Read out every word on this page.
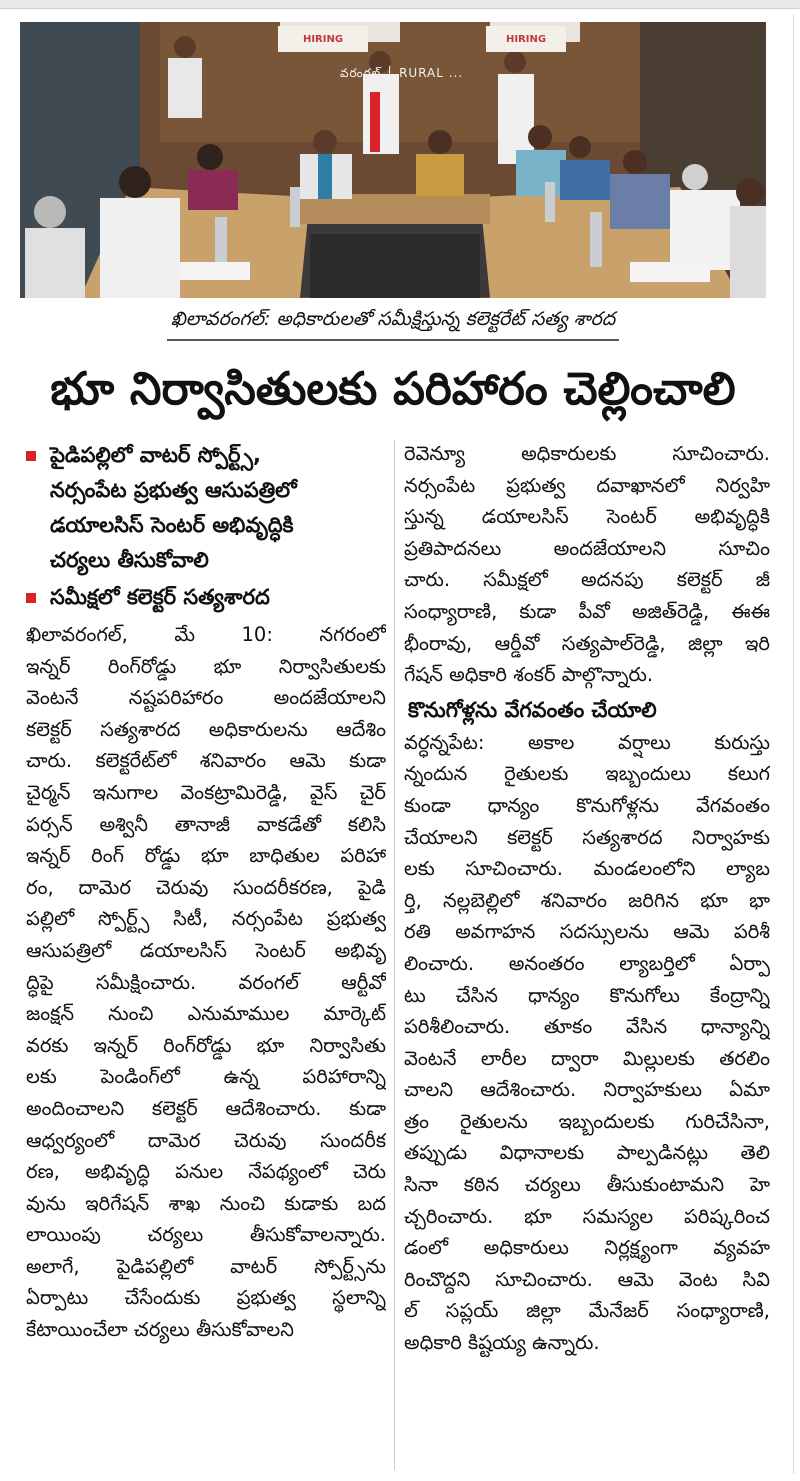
HIRING	HIRING
వరంగల్ │ RURAL ...
ఖిలావరంగల్: అధికారులతో సమీక్షిస్తున్న కలెక్టరేట్ సత్య శారద
భూ నిర్వాసితులకు పరిహారం చెల్లించాలి
పైడిపల్లిలో వాటర్ స్పోర్ట్స్,
నర్సంపేట ప్రభుత్వ ఆసుపత్రిలో
డయాలసిస్ సెంటర్ అభివృద్ధికి
చర్యలు తీసుకోవాలి
సమీక్షలో కలెక్టర్ సత్యశారద
ఖిలావరంగల్, మే 10: నగరంలో
ఇన్నర్ రింగ్‌రోడ్డు భూ నిర్వాసితులకు
వెంటనే నష్టపరిహారం అందజేయాలని
కలెక్టర్ సత్యశారద అధికారులను ఆదేశిం
చారు. కలెక్టరేట్‌లో శనివారం ఆమె కుడా
చైర్మన్ ఇనుగాల వెంకట్రామిరెడ్డి, వైస్ చైర్
పర్సన్ అశ్వినీ తానాజీ వాకడేతో కలిసి
ఇన్నర్ రింగ్ రోడ్డు భూ బాధితుల పరిహా
రం, దామెర చెరువు సుందరీకరణ, పైడి
పల్లిలో స్పోర్ట్స్ సిటీ, నర్సంపేట ప్రభుత్వ
ఆసుపత్రిలో డయాలసిస్ సెంటర్ అభివృ
ద్ధిపై సమీక్షించారు. వరంగల్ ఆర్టీవో
జంక్షన్ నుంచి ఎనుమాముల మార్కెట్
వరకు ఇన్నర్ రింగ్‌రోడ్డు భూ నిర్వాసితు
లకు పెండింగ్‌లో ఉన్న పరిహారాన్ని
అందించాలని కలెక్టర్ ఆదేశించారు. కుడా
ఆధ్వర్యంలో దామెర చెరువు సుందరీక
రణ, అభివృద్ధి పనుల నేపథ్యంలో చెరు
వును ఇరిగేషన్ శాఖ నుంచి కుడాకు బద
లాయింపు చర్యలు తీసుకోవాలన్నారు.
అలాగే, పైడిపల్లిలో వాటర్ స్పోర్ట్స్‌ను
ఏర్పాటు చేసేందుకు ప్రభుత్వ స్థలాన్ని
కేటాయించేలా చర్యలు తీసుకోవాలని
రెవెన్యూ అధికారులకు సూచించారు.
నర్సంపేట ప్రభుత్వ దవాఖానలో నిర్వహి
స్తున్న డయాలసిస్ సెంటర్ అభివృద్ధికి
ప్రతిపాదనలు అందజేయాలని సూచిం
చారు. సమీక్షలో అదనపు కలెక్టర్ జీ
సంధ్యారాణి, కుడా పీవో అజిత్‌రెడ్డి, ఈఈ
భీంరావు, ఆర్డీవో సత్యపాల్‌రెడ్డి, జిల్లా ఇరి
గేషన్ అధికారి శంకర్ పాల్గొన్నారు.
కొనుగోళ్లను వేగవంతం చేయాలి
వర్ధన్నపేట: అకాల వర్షాలు కురుస్తు
న్నందున రైతులకు ఇబ్బందులు కలుగ
కుండా ధాన్యం కొనుగోళ్లను వేగవంతం
చేయాలని కలెక్టర్ సత్యశారద నిర్వాహకు
లకు సూచించారు. మండలంలోని ల్యాబ
ర్తి, నల్లబెల్లిలో శనివారం జరిగిన భూ భా
రతి అవగాహన సదస్సులను ఆమె పరిశీ
లించారు. అనంతరం ల్యాబర్తిలో ఏర్పా
టు చేసిన ధాన్యం కొనుగోలు కేంద్రాన్ని
పరిశీలించారు. తూకం వేసిన ధాన్యాన్ని
వెంటనే లారీల ద్వారా మిల్లులకు తరలిం
చాలని ఆదేశించారు. నిర్వాహకులు ఏమా
త్రం రైతులను ఇబ్బందులకు గురిచేసినా,
తప్పుడు విధానాలకు పాల్పడినట్లు తెలి
సినా కఠిన చర్యలు తీసుకుంటామని హె
చ్చరించారు. భూ సమస్యల పరిష్కరించ
డంలో అధికారులు నిర్లక్ష్యంగా వ్యవహ
రించొద్దని సూచించారు. ఆమె వెంట సివి
ల్ సప్లయ్ జిల్లా మేనేజర్ సంధ్యారాణి,
అధికారి కిష్టయ్య ఉన్నారు.
